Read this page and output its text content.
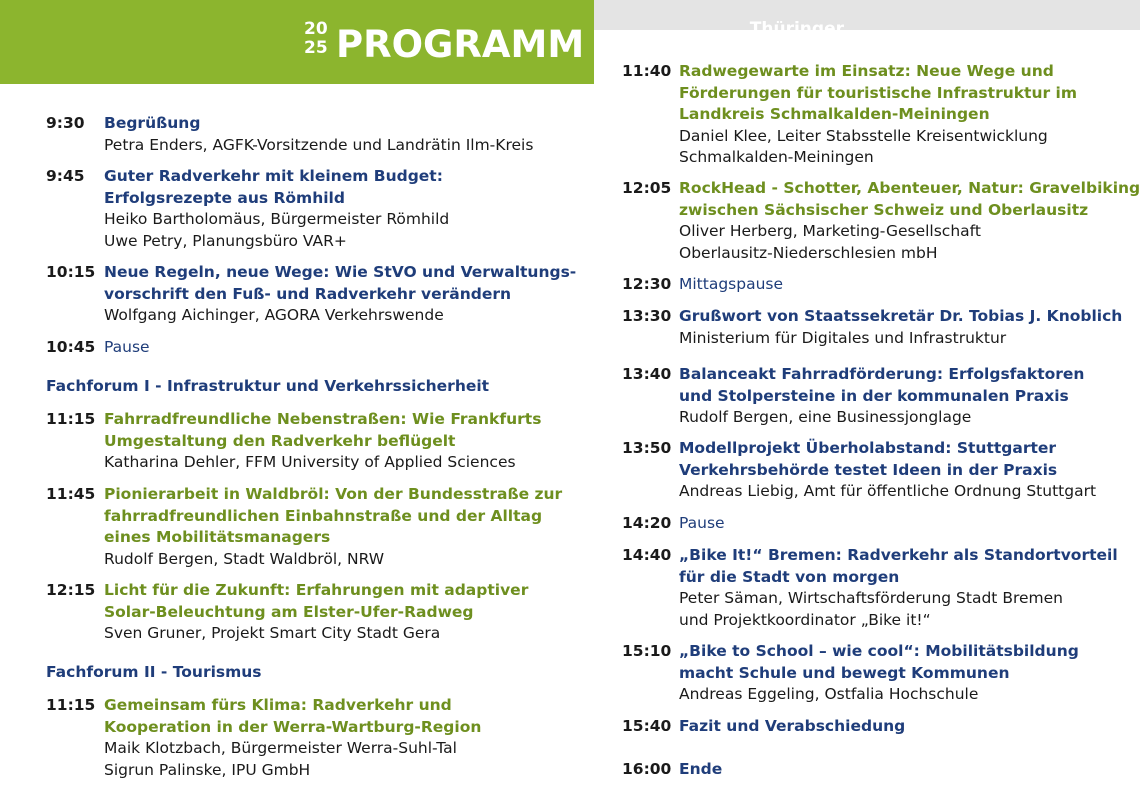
Thüringer
Radverkehrskonferenz
20
25 PROGRAMM
9:30 Begrüßung
Petra Enders, AGFK-Vorsitzende und Landrätin Ilm-Kreis
9:45 Guter Radverkehr mit kleinem Budget:
Erfolgsrezepte aus Römhild
Heiko Bartholomäus, Bürgermeister Römhild
Uwe Petry, Planungsbüro VAR+
10:15 Neue Regeln, neue Wege: Wie StVO und Verwaltungs-
vorschrift den Fuß- und Radverkehr verändern
Wolfgang Aichinger, AGORA Verkehrswende
10:45 Pause
Fachforum I - Infrastruktur und Verkehrssicherheit
11:15 Fahrradfreundliche Nebenstraßen: Wie Frankfurts
Umgestaltung den Radverkehr beflügelt
Katharina Dehler, FFM University of Applied Sciences
11:45 Pionierarbeit in Waldbröl: Von der Bundesstraße zur
fahrradfreundlichen Einbahnstraße und der Alltag
eines Mobilitätsmanagers
Rudolf Bergen, Stadt Waldbröl, NRW
12:15 Licht für die Zukunft: Erfahrungen mit adaptiver
Solar-Beleuchtung am Elster-Ufer-Radweg
Sven Gruner, Projekt Smart City Stadt Gera
Fachforum II - Tourismus
11:15 Gemeinsam fürs Klima: Radverkehr und
Kooperation in der Werra-Wartburg-Region
Maik Klotzbach, Bürgermeister Werra-Suhl-Tal
Sigrun Palinske, IPU GmbH
11:40 Radwegewarte im Einsatz: Neue Wege und
Förderungen für touristische Infrastruktur im
Landkreis Schmalkalden-Meiningen
Daniel Klee, Leiter Stabsstelle Kreisentwicklung
Schmalkalden-Meiningen
12:05 RockHead - Schotter, Abenteuer, Natur: Gravelbiking
zwischen Sächsischer Schweiz und Oberlausitz
Oliver Herberg, Marketing-Gesellschaft
Oberlausitz-Niederschlesien mbH
12:30 Mittagspause
13:30 Grußwort von Staatssekretär Dr. Tobias J. Knoblich
Ministerium für Digitales und Infrastruktur
13:40 Balanceakt Fahrradförderung: Erfolgsfaktoren
und Stolpersteine in der kommunalen Praxis
Rudolf Bergen, eine Businessjonglage
13:50 Modellprojekt Überholabstand: Stuttgarter
Verkehrsbehörde testet Ideen in der Praxis
Andreas Liebig, Amt für öffentliche Ordnung Stuttgart
14:20 Pause
14:40 „Bike It!“ Bremen: Radverkehr als Standortvorteil
für die Stadt von morgen
Peter Säman, Wirtschaftsförderung Stadt Bremen
und Projektkoordinator „Bike it!“
15:10 „Bike to School – wie cool“: Mobilitätsbildung
macht Schule und bewegt Kommunen
Andreas Eggeling, Ostfalia Hochschule
15:40 Fazit und Verabschiedung
16:00 Ende
